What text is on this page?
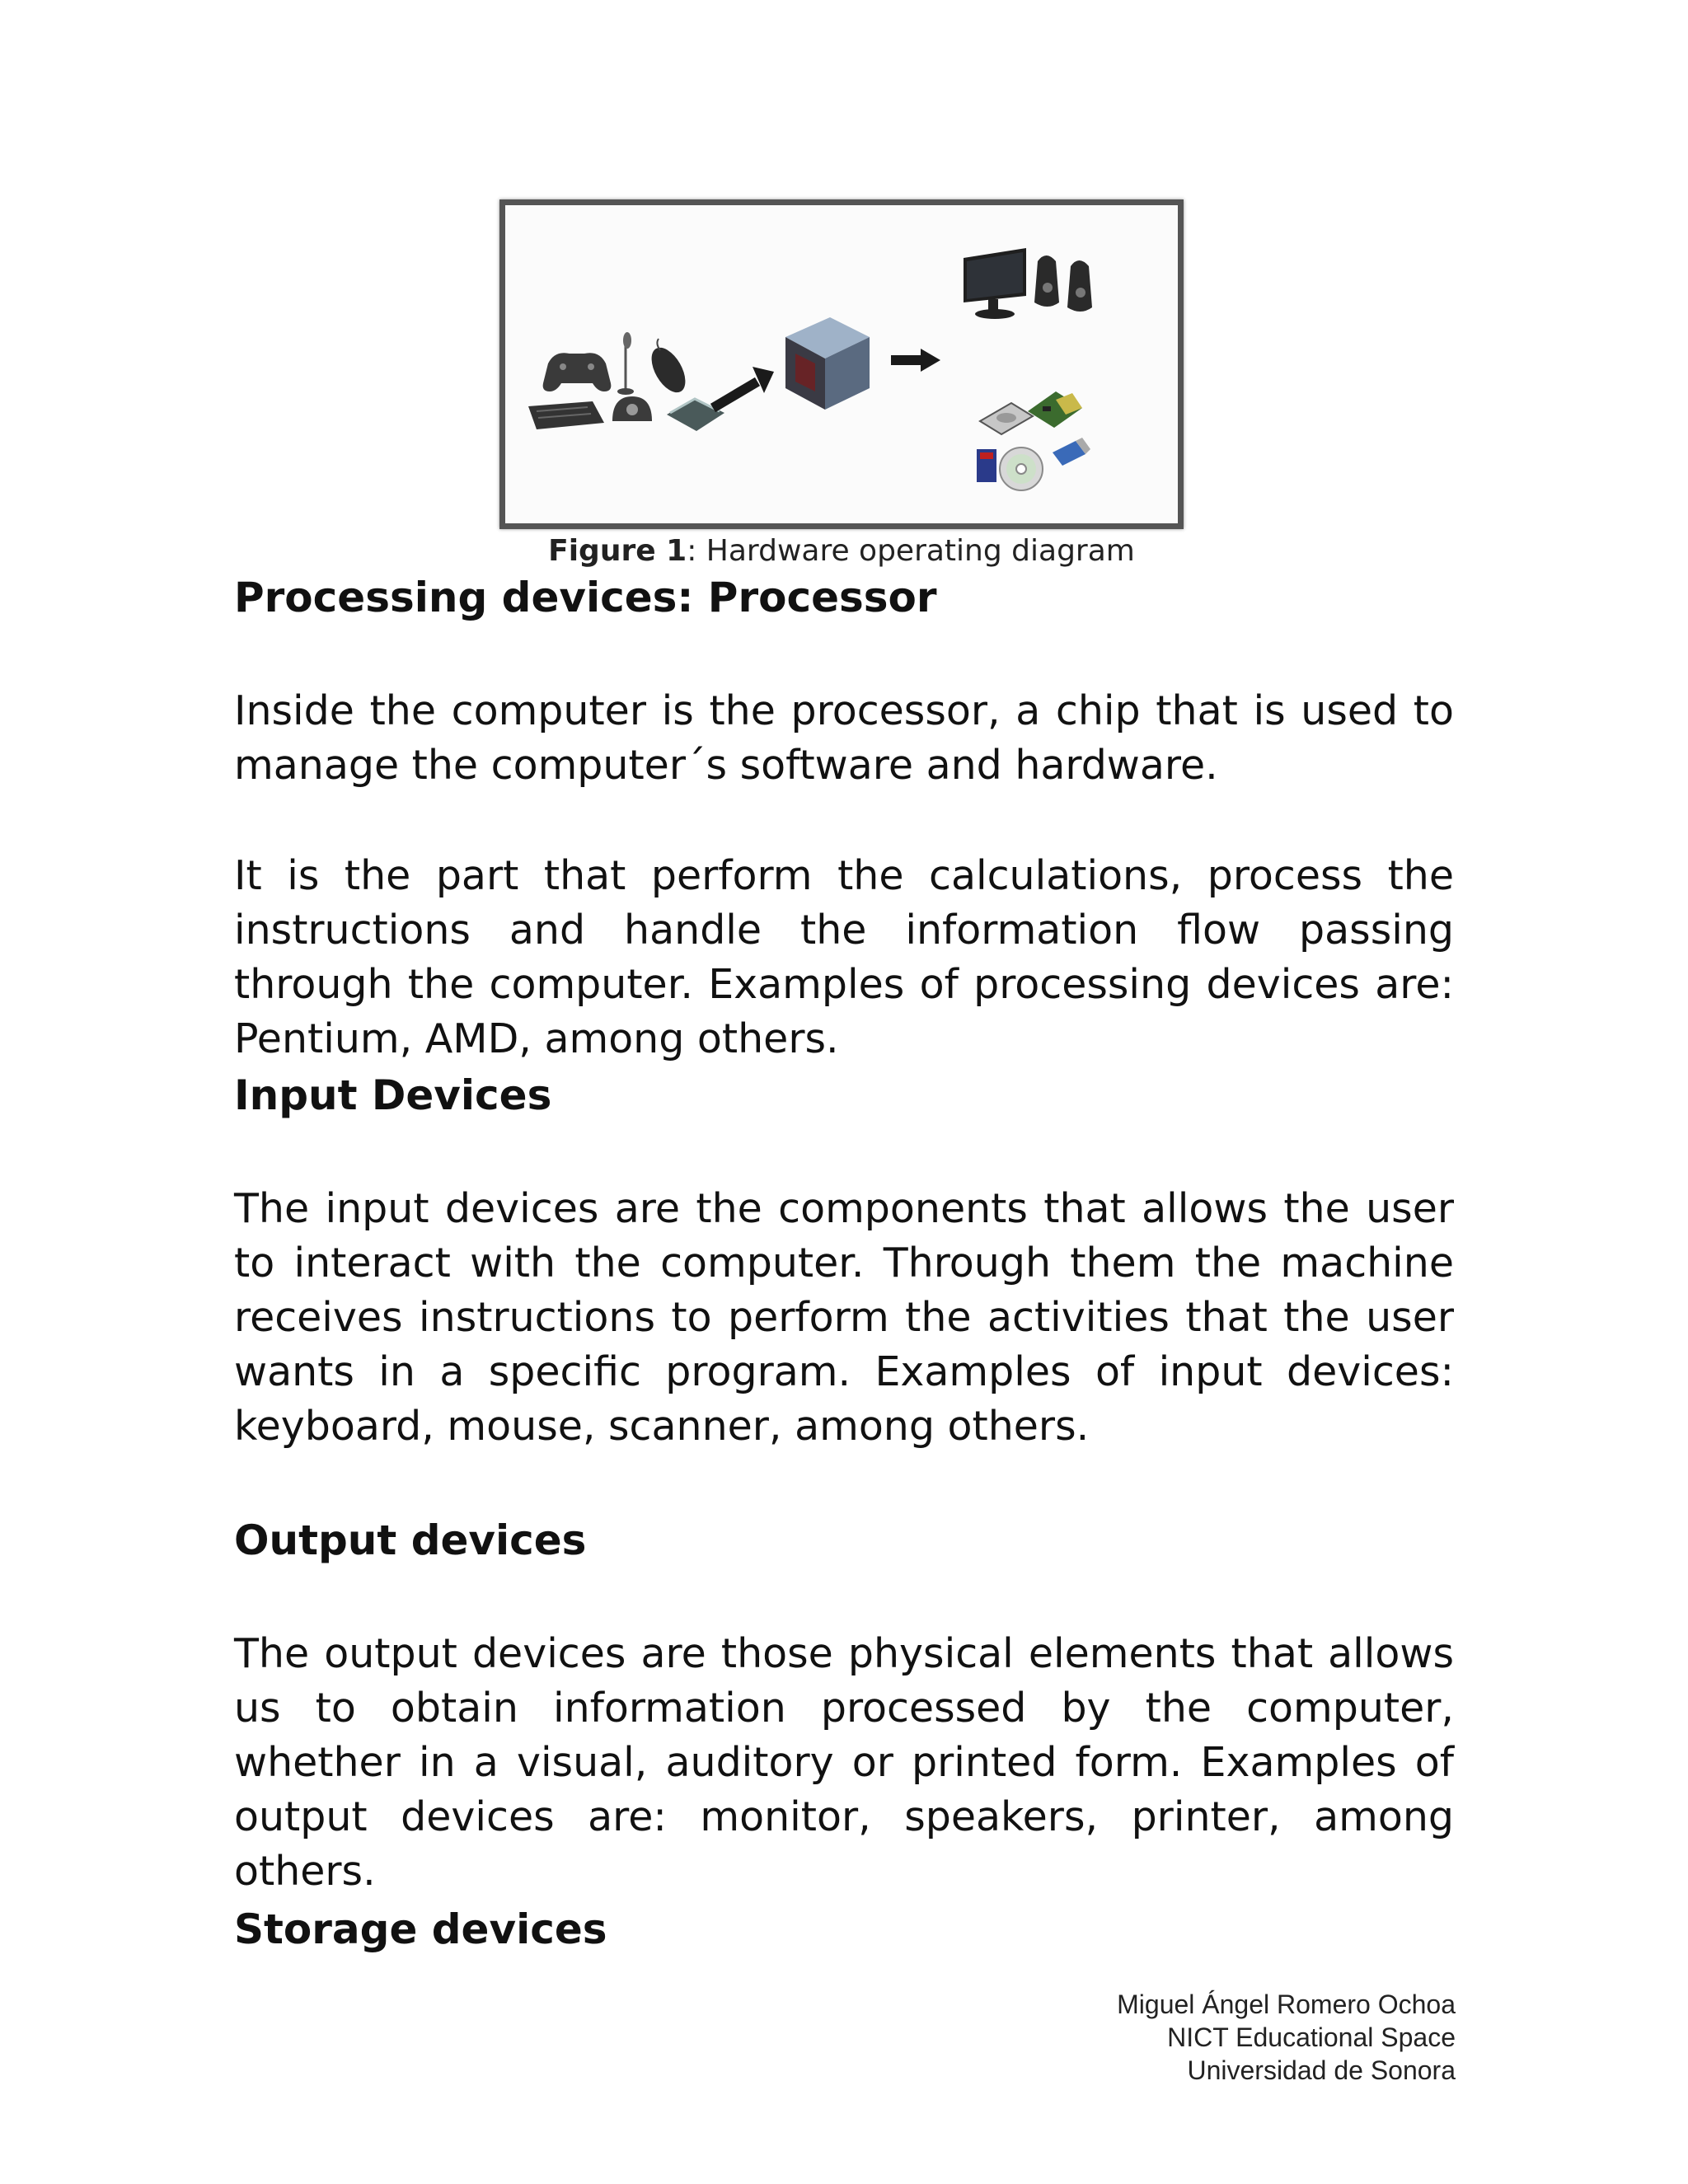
Figure 1: Hardware operating diagram
Processing devices: Processor

Inside the computer is the processor, a chip that is used to manage the computer´s software and hardware.

It is the part that perform the calculations, process the instructions and handle the information flow passing through the computer. Examples of processing devices are: Pentium, AMD, among others.

Input Devices

The input devices are the components that allows the user to interact with the computer. Through them the machine receives instructions to perform the activities that the user wants in a specific program. Examples of input devices: keyboard, mouse, scanner, among others.

Output devices

The output devices are those physical elements that allows us to obtain information processed by the computer, whether in a visual, auditory or printed form. Examples of output devices are: monitor, speakers, printer, among others.

Storage devices
Miguel Ángel Romero Ochoa
NICT Educational Space
Universidad de Sonora
